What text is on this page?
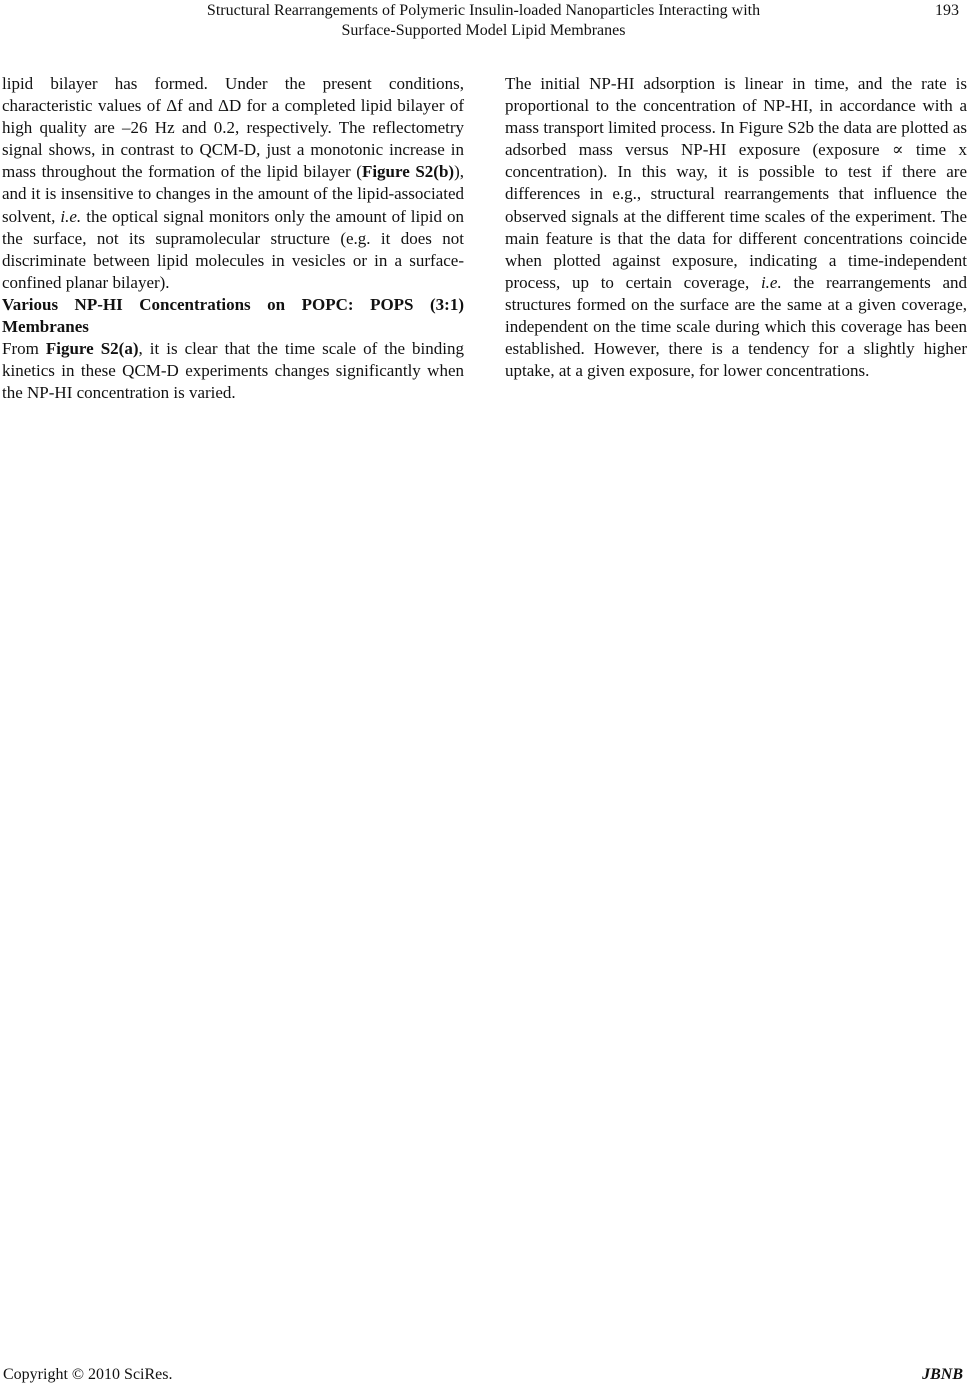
Structural Rearrangements of Polymeric Insulin-loaded Nanoparticles Interacting with
Surface-Supported Model Lipid Membranes
193

lipid bilayer has formed. Under the present conditions, characteristic values of Δf and ΔD for a completed lipid bilayer of high quality are –26 Hz and 0.2, respectively. The reflectometry signal shows, in contrast to QCM-D, just a monotonic increase in mass throughout the formation of the lipid bilayer (Figure S2(b)), and it is insensitive to changes in the amount of the lipid-associated solvent, i.e. the optical signal monitors only the amount of lipid on the surface, not its supramolecular structure (e.g. it does not discriminate between lipid molecules in vesicles or in a surface-confined planar bilayer).

Various NP-HI Concentrations on POPC: POPS (3:1) Membranes

From Figure S2(a), it is clear that the time scale of the binding kinetics in these QCM-D experiments changes significantly when the NP-HI concentration is varied.

The initial NP-HI adsorption is linear in time, and the rate is proportional to the concentration of NP-HI, in accordance with a mass transport limited process. In Figure S2b the data are plotted as adsorbed mass versus NP-HI exposure (exposure ∝ time x concentration). In this way, it is possible to test if there are differences in e.g., structural rearrangements that influence the observed signals at the different time scales of the experiment. The main feature is that the data for different concentrations coincide when plotted against exposure, indicating a time-independent process, up to certain coverage, i.e. the rearrangements and structures formed on the surface are the same at a given coverage, independent on the time scale during which this coverage has been established. However, there is a tendency for a slightly higher uptake, at a given exposure, for lower concentrations.

Copyright © 2010 SciRes.	JBNB
